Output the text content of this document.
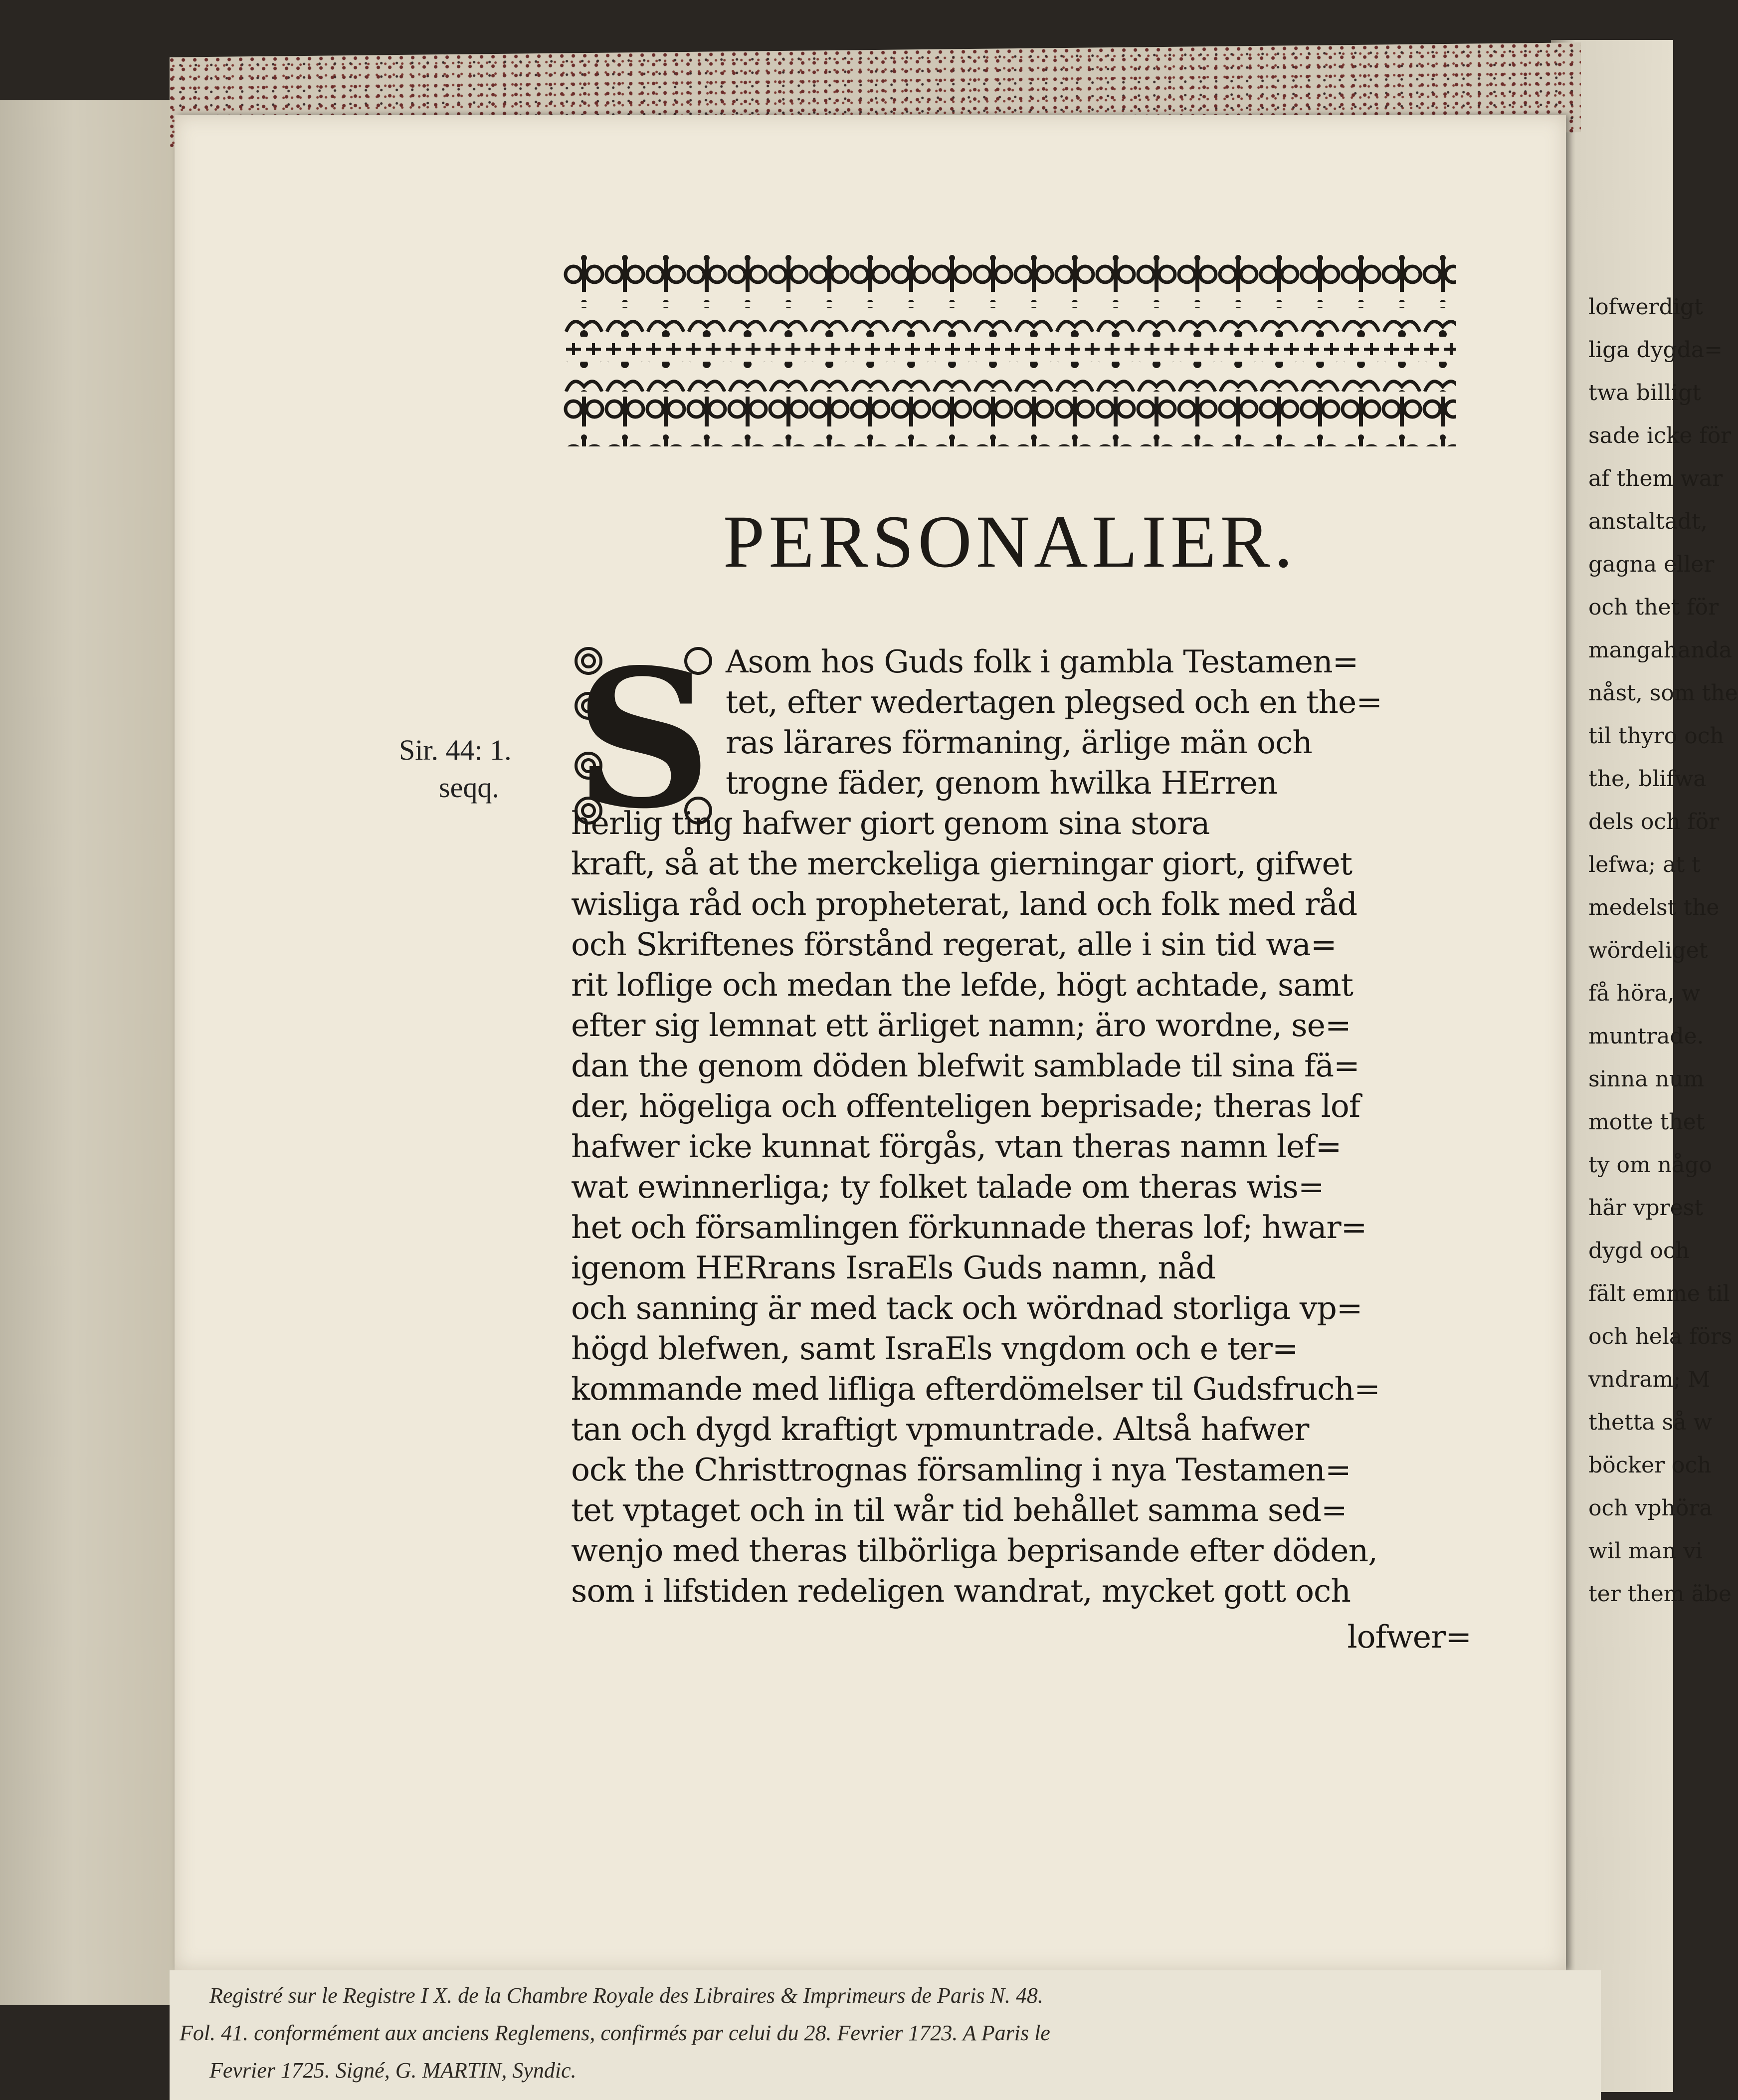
lofwerdigt
liga dygda=
twa billigt
sade icke för
af them war
anstaltadt,
gagna eller
och thet för
mangahanda
nåst, som the
til thyro och
the, blifwa
dels och för
lefwa; at t
medelst the
wördeliget
få höra, w
muntrade.
sinna num
motte thet
ty om någo
här vprest
dygd och
fält emme til
och hela förs
vndram; M
thetta så w
böcker och
och vphöra
wil man vi
ter them äbe
PERSONALIER.
Sir. 44: 1.
seqq. S Asom hos Guds folk i gambla Testamen=
tet, efter wedertagen plegsed och en the=
ras lärares förmaning, ärlige män och
trogne fäder, genom hwilka HErren
herlig ting hafwer giort genom sina stora
kraft, så at the merckeliga gierningar giort, gifwet
wisliga råd och propheterat, land och folk med råd
och Skriftenes förstånd regerat, alle i sin tid wa=
rit loflige och medan the lefde, högt achtade, samt
efter sig lemnat ett ärliget namn; äro wordne, se=
dan the genom döden blefwit samblade til sina fä=
der, högeliga och offenteligen beprisade; theras lof
hafwer icke kunnat förgås, vtan theras namn lef=
wat ewinnerliga; ty folket talade om theras wis=
het och församlingen förkunnade theras lof; hwar=
igenom HERrans IsraEls Guds namn, nåd
och sanning är med tack och wördnad storliga vp=
högd blefwen, samt IsraEls vngdom och e ter=
kommande med lifliga efterdömelser til Gudsfruch=
tan och dygd kraftigt vpmuntrade. Altså hafwer
ock the Christtrognas församling i nya Testamen=
tet vptaget och in til wår tid behållet samma sed=
wenjo med theras tilbörliga beprisande efter döden,
som i lifstiden redeligen wandrat, mycket gott och
lofwer=
Registré sur le Registre I X. de la Chambre Royale des Libraires & Imprimeurs de Paris N. 48.
Fol. 41. conformément aux anciens Reglemens, confirmés par celui du 28. Fevrier 1723. A Paris le
Fevrier 1725. Signé, G. MARTIN, Syndic.
